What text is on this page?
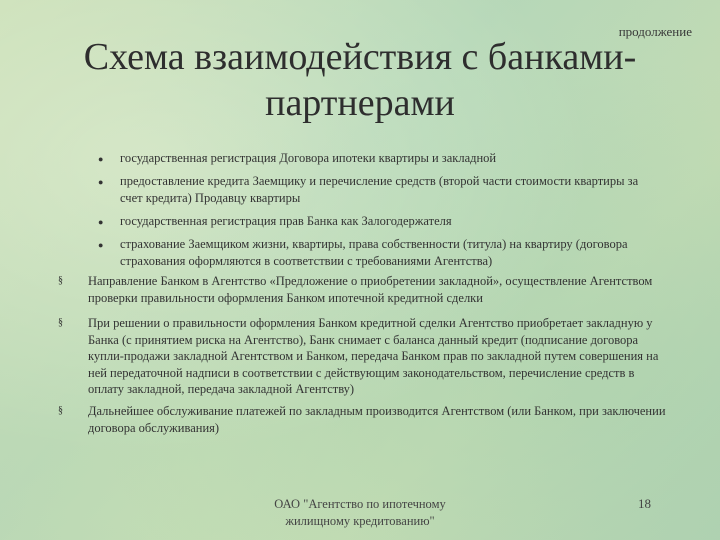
продолжение
Схема взаимодействия с банками-
партнерами
● государственная регистрация Договора ипотеки квартиры и закладной
● предоставление кредита Заемщику и перечисление средств (второй части стоимости квартиры за счет кредита) Продавцу квартиры
● государственная регистрация прав Банка как Залогодержателя
● страхование Заемщиком жизни, квартиры, права собственности (титула) на квартиру (договора страхования оформляются в соответствии с требованиями Агентства)
§ Направление Банком в Агентство «Предложение о приобретении закладной», осуществление Агентством проверки правильности оформления Банком ипотечной кредитной сделки
§ При решении о правильности оформления Банком кредитной сделки Агентство приобретает закладную у Банка (с принятием риска на Агентство), Банк снимает с баланса данный кредит (подписание договора купли-продажи закладной Агентством и Банком, передача Банком прав по закладной путем совершения на ней передаточной надписи в соответствии с действующим законодательством, перечисление средств в оплату закладной, передача закладной Агентству)
§ Дальнейшее обслуживание платежей по закладным производится Агентством (или Банком, при заключении договора обслуживания)
ОАО "Агентство по ипотечному
жилищному кредитованию"
18
